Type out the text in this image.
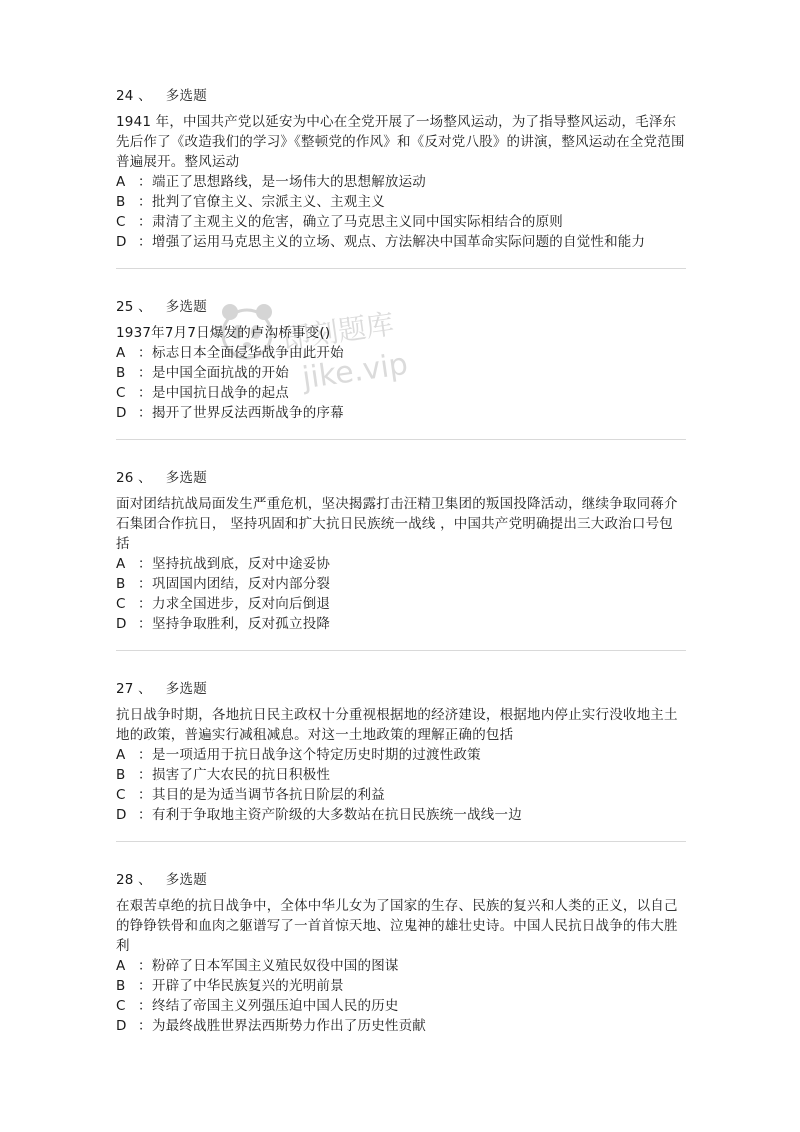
即刻题库
jike.vip
24 、 多选题
1941 年，中国共产党以延安为中心在全党开展了一场整风运动，为了指导整风运动，毛泽东先后作了《改造我们的学习》《整顿党的作风》和《反对党八股》的讲演，整风运动在全党范围普遍展开。整风运动
A ： 端正了思想路线，是一场伟大的思想解放运动
B ： 批判了官僚主义、宗派主义、主观主义
C ： 肃清了主观主义的危害，确立了马克思主义同中国实际相结合的原则
D ： 增强了运用马克思主义的立场、观点、方法解决中国革命实际问题的自觉性和能力
25 、 多选题
1937年7月7日爆发的卢沟桥事变()
A ： 标志日本全面侵华战争由此开始
B ： 是中国全面抗战的开始
C ： 是中国抗日战争的起点
D ： 揭开了世界反法西斯战争的序幕
26 、 多选题
面对团结抗战局面发生严重危机，坚决揭露打击汪精卫集团的叛国投降活动，继续争取同蒋介石集团合作抗日， 坚持巩固和扩大抗日民族统一战线 ，中国共产党明确提出三大政治口号包括
A ： 坚持抗战到底，反对中途妥协
B ： 巩固国内团结，反对内部分裂
C ： 力求全国进步，反对向后倒退
D ： 坚持争取胜利，反对孤立投降
27 、 多选题
抗日战争时期，各地抗日民主政权十分重视根据地的经济建设，根据地内停止实行没收地主土地的政策，普遍实行减租减息。对这一土地政策的理解正确的包括
A ： 是一项适用于抗日战争这个特定历史时期的过渡性政策
B ： 损害了广大农民的抗日积极性
C ： 其目的是为适当调节各抗日阶层的利益
D ： 有利于争取地主资产阶级的大多数站在抗日民族统一战线一边
28 、 多选题
在艰苦卓绝的抗日战争中，全体中华儿女为了国家的生存、民族的复兴和人类的正义，以自己的铮铮铁骨和血肉之躯谱写了一首首惊天地、泣鬼神的雄壮史诗。中国人民抗日战争的伟大胜利
A ： 粉碎了日本军国主义殖民奴役中国的图谋
B ： 开辟了中华民族复兴的光明前景
C ： 终结了帝国主义列强压迫中国人民的历史
D ： 为最终战胜世界法西斯势力作出了历史性贡献
